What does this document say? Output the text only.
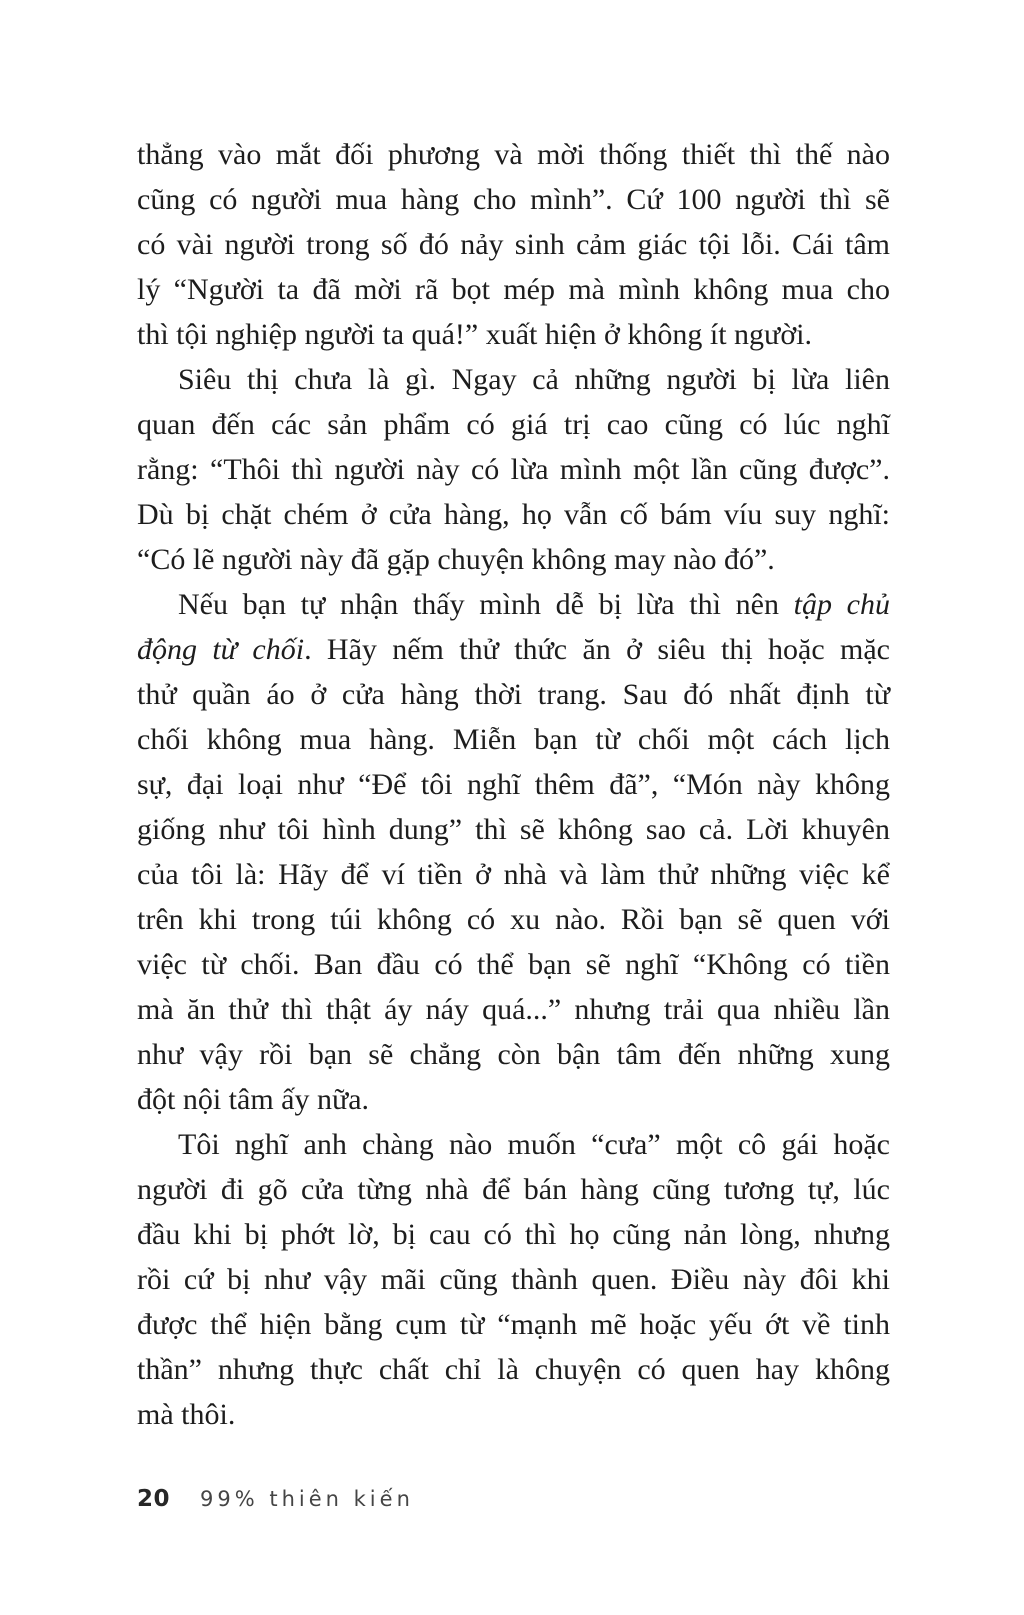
thẳng vào mắt đối phương và mời thống thiết thì thế nào
cũng có người mua hàng cho mình”. Cứ 100 người thì sẽ
có vài người trong số đó nảy sinh cảm giác tội lỗi. Cái tâm
lý “Người ta đã mời rã bọt mép mà mình không mua cho
thì tội nghiệp người ta quá!” xuất hiện ở không ít người.
Siêu thị chưa là gì. Ngay cả những người bị lừa liên
quan đến các sản phẩm có giá trị cao cũng có lúc nghĩ
rằng: “Thôi thì người này có lừa mình một lần cũng được”.
Dù bị chặt chém ở cửa hàng, họ vẫn cố bám víu suy nghĩ:
“Có lẽ người này đã gặp chuyện không may nào đó”.
Nếu bạn tự nhận thấy mình dễ bị lừa thì nên tập chủ
động từ chối. Hãy nếm thử thức ăn ở siêu thị hoặc mặc
thử quần áo ở cửa hàng thời trang. Sau đó nhất định từ
chối không mua hàng. Miễn bạn từ chối một cách lịch
sự, đại loại như “Để tôi nghĩ thêm đã”, “Món này không
giống như tôi hình dung” thì sẽ không sao cả. Lời khuyên
của tôi là: Hãy để ví tiền ở nhà và làm thử những việc kể
trên khi trong túi không có xu nào. Rồi bạn sẽ quen với
việc từ chối. Ban đầu có thể bạn sẽ nghĩ “Không có tiền
mà ăn thử thì thật áy náy quá...” nhưng trải qua nhiều lần
như vậy rồi bạn sẽ chẳng còn bận tâm đến những xung
đột nội tâm ấy nữa.
Tôi nghĩ anh chàng nào muốn “cưa” một cô gái hoặc
người đi gõ cửa từng nhà để bán hàng cũng tương tự, lúc
đầu khi bị phớt lờ, bị cau có thì họ cũng nản lòng, nhưng
rồi cứ bị như vậy mãi cũng thành quen. Điều này đôi khi
được thể hiện bằng cụm từ “mạnh mẽ hoặc yếu ớt về tinh
thần” nhưng thực chất chỉ là chuyện có quen hay không
mà thôi.
20 99% thiên kiến
